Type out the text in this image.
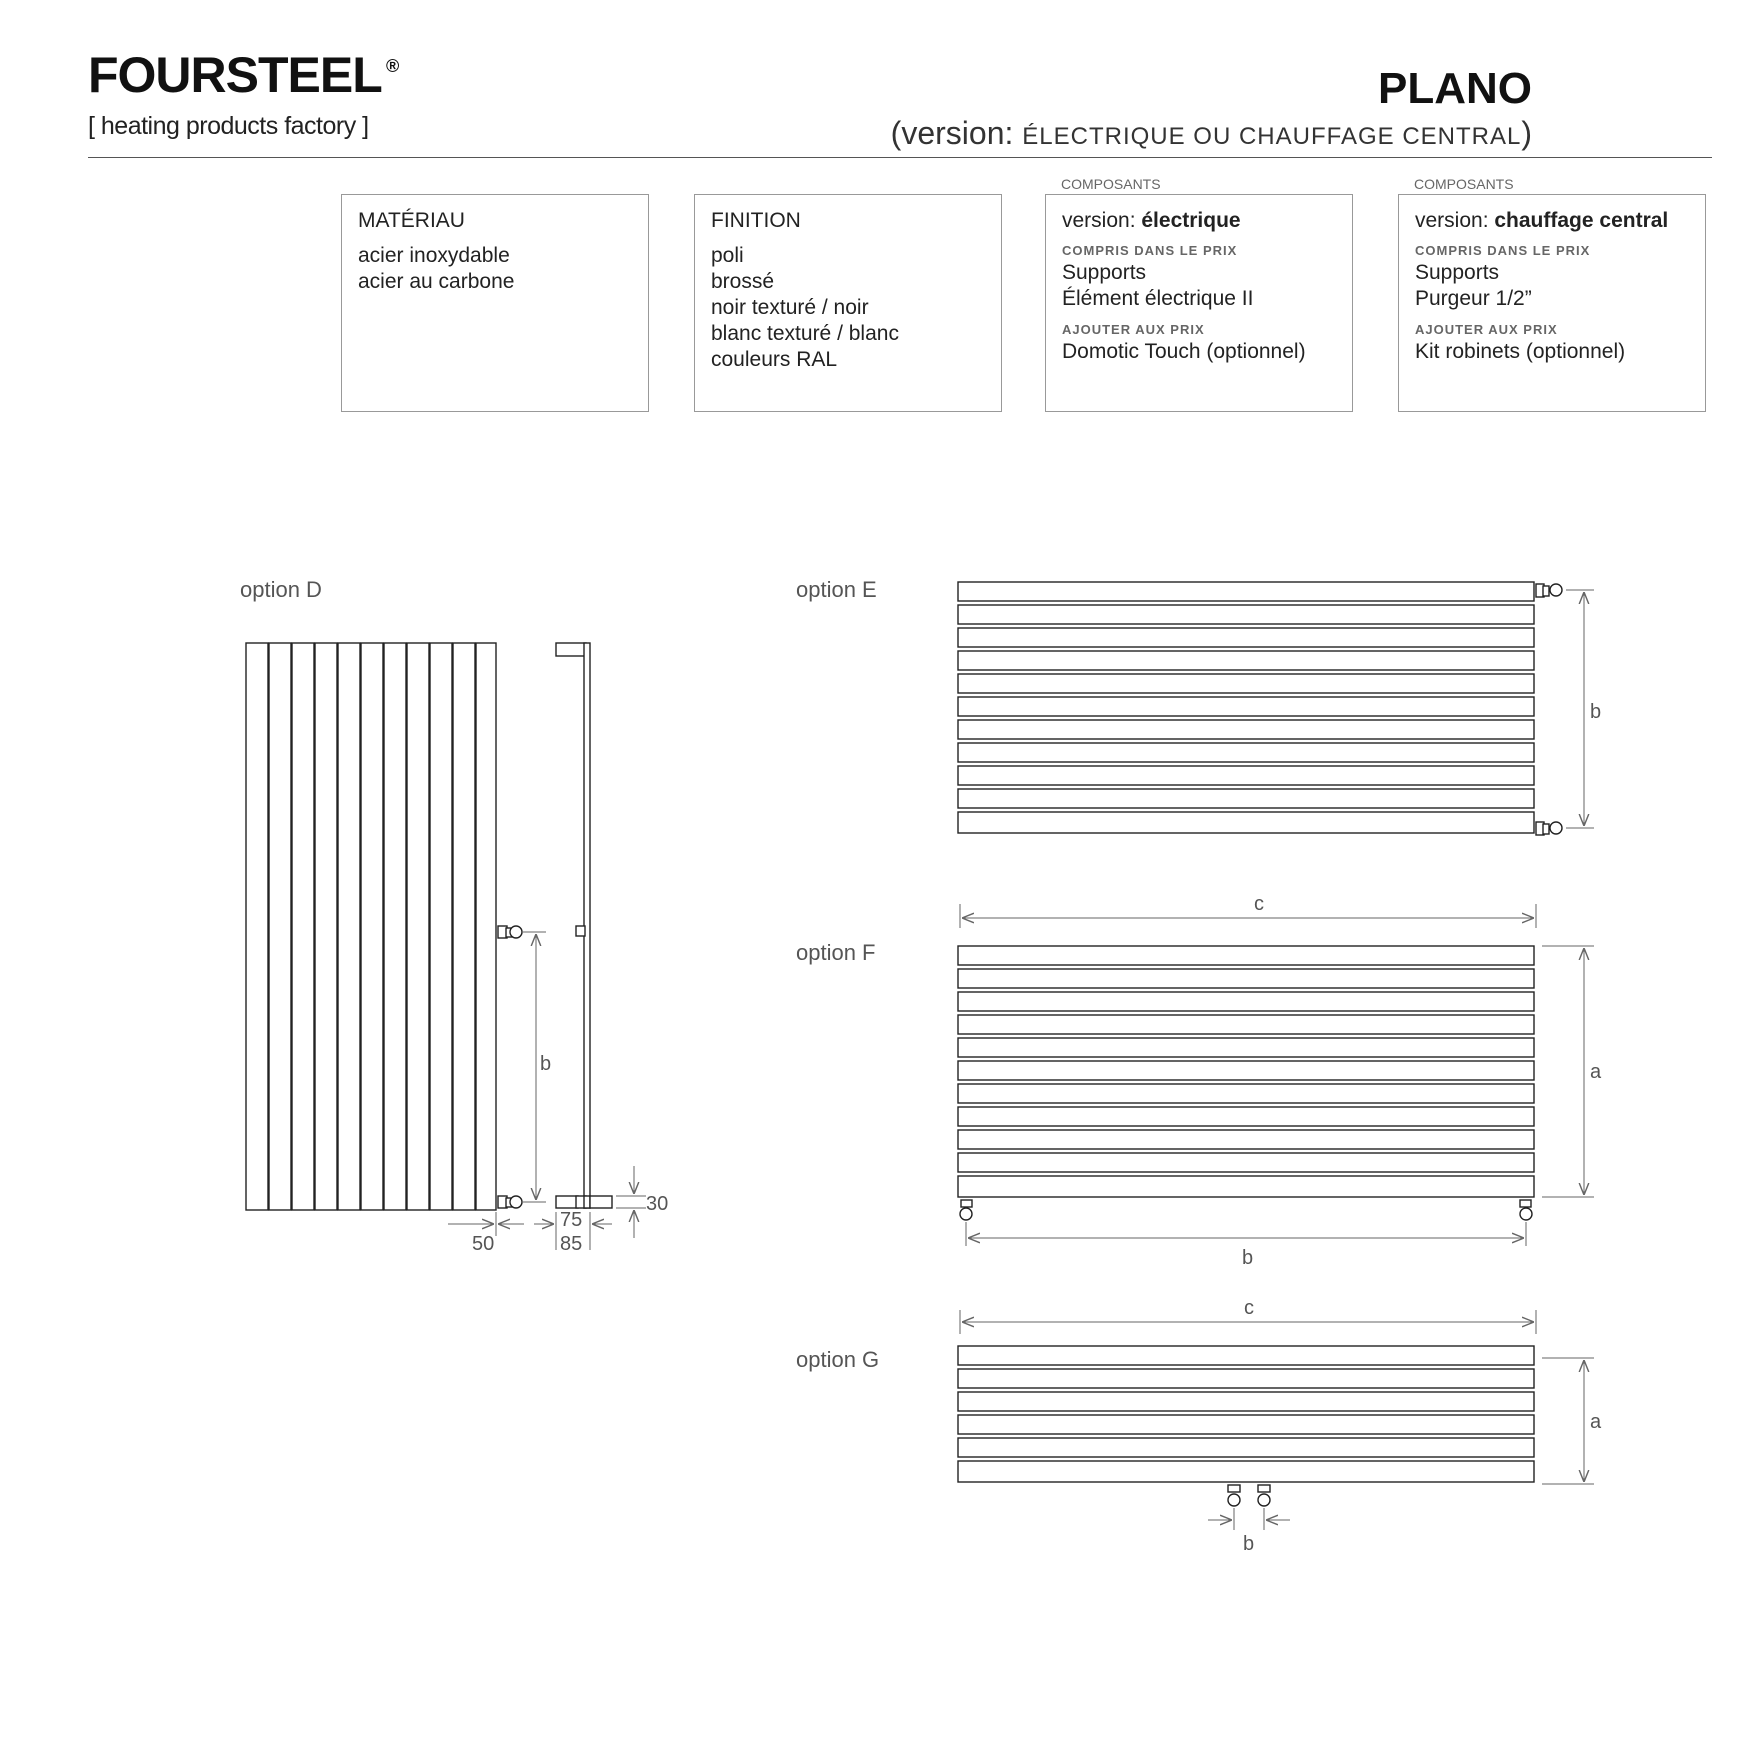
FOURSTEEL ®
[ heating products factory ]
PLANO
(version: ÉLECTRIQUE OU CHAUFFAGE CENTRAL)
MATÉRIAU
acier inoxydable
acier au carbone
FINITION
poli
brossé
noir texturé / noir
blanc texturé / blanc
couleurs RAL
COMPOSANTS
version: électrique
COMPRIS DANS LE PRIX
Supports
Élément électrique II
AJOUTER AUX PRIX
Domotic Touch (optionnel)
COMPOSANTS
version: chauffage central
COMPRIS DANS LE PRIX
Supports
Purgeur 1/2”
AJOUTER AUX PRIX
Kit robinets (optionnel)
option D	option E
option F
option G
b
50
75
85
30
b
c
a
b
c
a
b
